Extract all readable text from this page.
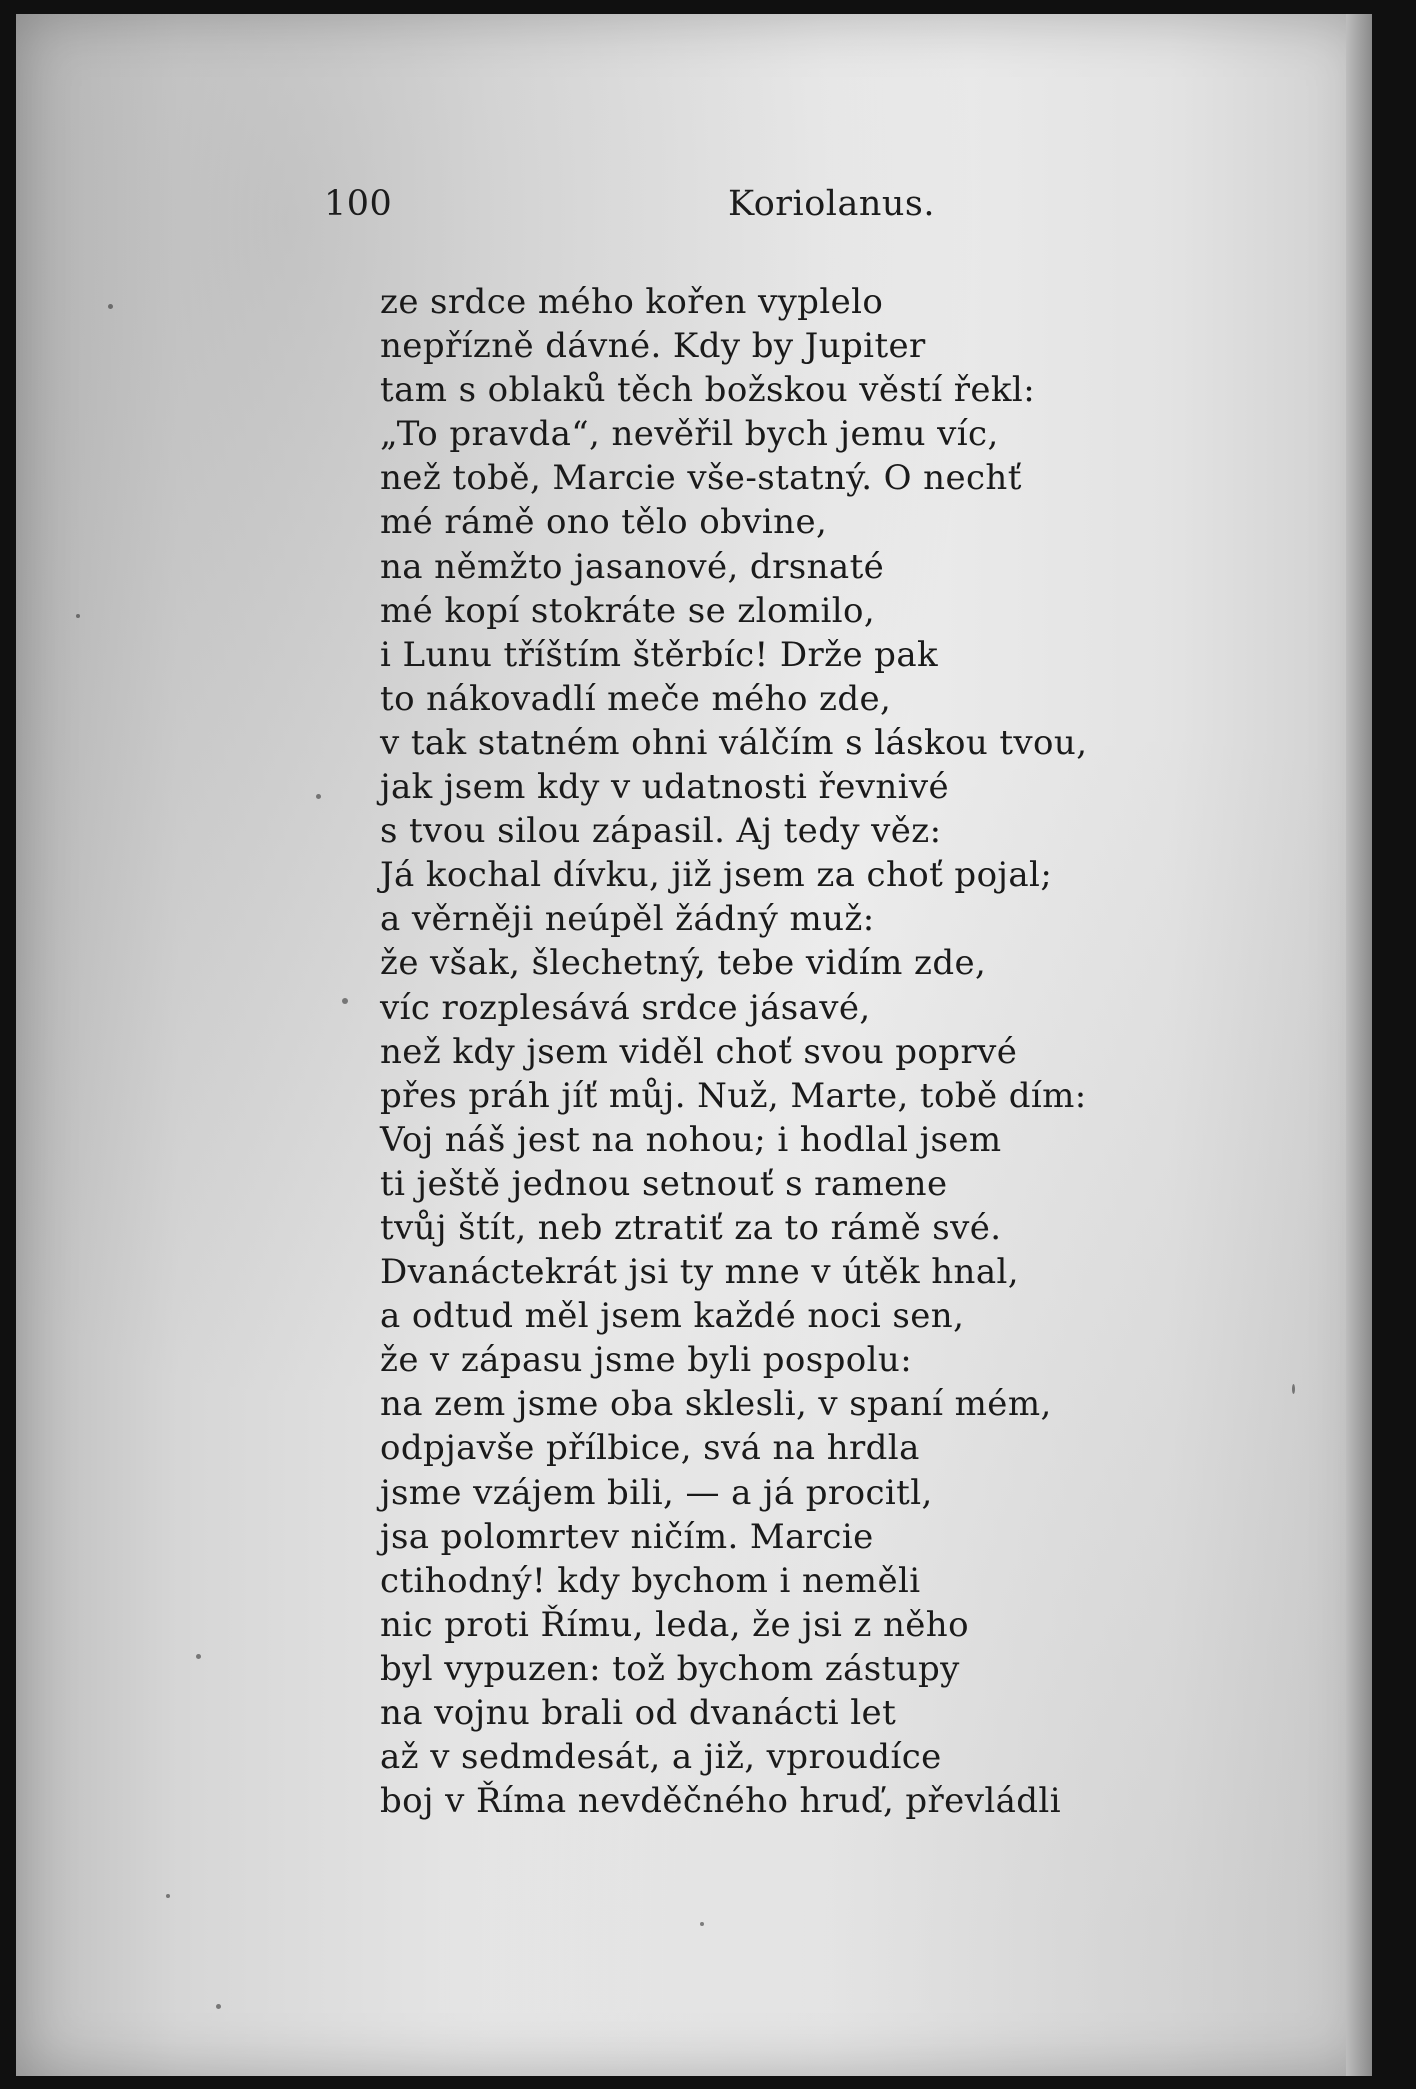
100	Koriolanus.
ze srdce mého kořen vyplelo
nepřízně dávné. Kdy by Jupiter
tam s oblaků těch božskou věstí řekl:
„To pravda“, nevěřil bych jemu víc,
než tobě, Marcie vše-statný. O nechť
mé rámě ono tělo obvine,
na němžto jasanové, drsnaté
mé kopí stokráte se zlomilo,
i Lunu tříštím štěrbíc! Drže pak
to nákovadlí meče mého zde,
v tak statném ohni válčím s láskou tvou,
jak jsem kdy v udatnosti řevnivé
s tvou silou zápasil. Aj tedy věz:
Já kochal dívku, již jsem za choť pojal;
a věrněji neúpěl žádný muž:
že však, šlechetný, tebe vidím zde,
víc rozplesává srdce jásavé,
než kdy jsem viděl choť svou poprvé
přes práh jíť můj. Nuž, Marte, tobě dím:
Voj náš jest na nohou; i hodlal jsem
ti ještě jednou setnouť s ramene
tvůj štít, neb ztratiť za to rámě své.
Dvanáctekrát jsi ty mne v útěk hnal,
a odtud měl jsem každé noci sen,
že v zápasu jsme byli pospolu:
na zem jsme oba sklesli, v spaní mém,
odpjavše přílbice, svá na hrdla
jsme vzájem bili, — a já procitl,
jsa polomrtev ničím. Marcie
ctihodný! kdy bychom i neměli
nic proti Římu, leda, že jsi z něho
byl vypuzen: tož bychom zástupy
na vojnu brali od dvanácti let
až v sedmdesát, a již, vproudíce
boj v Říma nevděčného hruď, převládli
